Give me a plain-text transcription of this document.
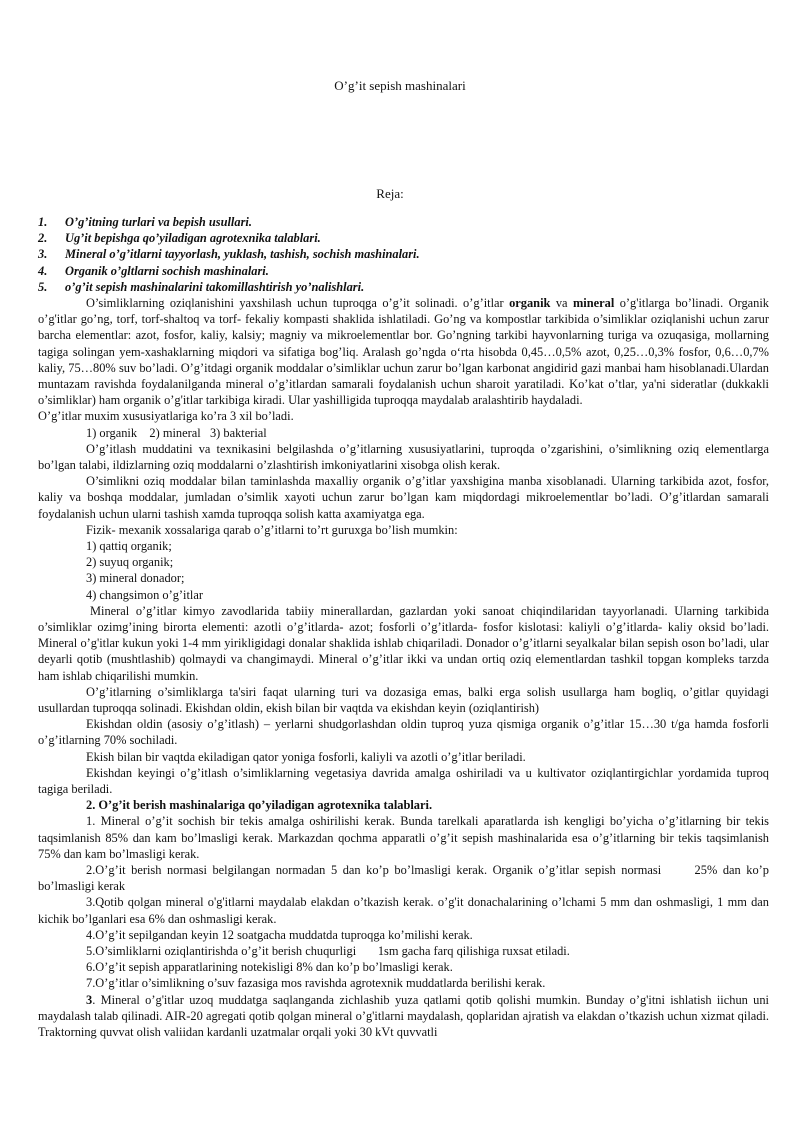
O’g’it sepish mashinalari
Reja:
1. O’g’itning turlari va bepish usullari.
2. Ug’it bepishga qo’yiladigan agrotexnika talablari.
3. Mineral o’g’itlarni tayyorlash, yuklash, tashish, sochish mashinalari.
4. Organik o’gltlarni sochish mashinalari.
5. o’g’it sepish mashinalarini takomillashtirish yo’nalishlari.

O’simliklarning oziqlanishini yaxshilash uchun tuproqga o’g’it solinadi. o’g’itlar organik va mineral o’g'itlarga bo’linadi. Organik o’g'itlar go’ng, torf, torf-shaltoq va torf- fekaliy kompasti shaklida ishlatiladi. Go’ng va kompostlar tarkibida o’simliklar oziqlanishi uchun zarur barcha elementlar: azot, fosfor, kaliy, kalsiy; magniy va mikroelementlar bor. Go’ngning tarkibi hayvonlarning turiga va ozuqasiga, mollarning tagiga solingan yem-xashaklarning miqdori va sifatiga bog’liq. Aralash go’ngda o‘rta hisobda 0,45…0,5% azot, 0,25…0,3% fosfor, 0,6…0,7% kaliy, 75…80% suv bo’ladi. O’g’itdagi organik moddalar o’simliklar uchun zarur bo’lgan karbonat angidirid gazi manbai ham hisoblanadi.Ulardan muntazam ravishda foydalanilganda mineral o’g’itlardan samarali foydalanish uchun sharoit yaratiladi. Ko’kat o’tlar, ya'ni sideratlar (dukkakli o’simliklar) ham organik o’g'itlar tarkibiga kiradi. Ular yashilligida tuproqqa maydalab aralashtirib haydaladi.

O’g’itlar muxim xususiyatlariga ko’ra 3 xil bo’ladi.

1) organik    2) mineral   3) bakterial

O’g’itlash muddatini va texnikasini belgilashda o’g’itlarning xususiyatlarini, tuproqda o’zgarishini, o’simlikning oziq elementlarga bo’lgan talabi, ildizlarning oziq moddalarni o’zlashtirish imkoniyatlarini xisobga olish kerak.

O’simlikni oziq moddalar bilan taminlashda maxalliy organik o’g’itlar yaxshigina manba xisoblanadi. Ularning tarkibida azot, fosfor, kaliy va boshqa moddalar, jumladan o’simlik xayoti uchun zarur bo’lgan kam miqdordagi mikroelementlar bo’ladi. O’g’itlardan samarali foydalanish uchun ularni tashish xamda tuproqqa solish katta axamiyatga ega.

Fizik- mexanik xossalariga qarab o’g’itlarni to’rt guruxga bo’lish mumkin:

1) qattiq organik;

2) suyuq organik;

3) mineral donador;

4) changsimon o’g’itlar

Mineral o’g’itlar kimyo zavodlarida tabiiy minerallardan, gazlardan yoki sanoat chiqindilaridan tayyorlanadi. Ularning tarkibida o’simliklar ozimg’ining birorta elementi: azotli o’g’itlarda- azot; fosforli o’g’itlarda- fosfor kislotasi: kaliyli o’g’itlarda- kaliy oksid bo’ladi. Mineral o’g'itlar kukun yoki 1-4 mm yirikligidagi donalar shaklida ishlab chiqariladi. Donador o’g’itlarni seyalkalar bilan sepish oson bo’ladi, ular deyarli qotib (mushtlashib) qolmaydi va changimaydi. Mineral o’g’itlar ikki va undan ortiq oziq elementlardan tashkil topgan kompleks tarzda ham ishlab chiqarilishi mumkin.

O’g’itlarning o’simliklarga ta'siri faqat ularning turi va dozasiga emas, balki erga solish usullarga ham bogliq, o’gitlar quyidagi usullardan tuproqqa solinadi. Ekishdan oldin, ekish bilan bir vaqtda va ekishdan keyin (oziqlantirish)

Ekishdan oldin (asosiy o’g’itlash) – yerlarni shudgorlashdan oldin tuproq yuza qismiga organik o’g’itlar 15…30 t/ga hamda fosforli o’g’itlarning 70% sochiladi.

Ekish bilan bir vaqtda ekiladigan qator yoniga fosforli, kaliyli va azotli o’g’itlar beriladi.

Ekishdan keyingi o’g’itlash o’simliklarning vegetasiya davrida amalga oshiriladi va u kultivator oziqlantirgichlar yordamida tuproq tagiga beriladi.

2. O’g’it berish mashinalariga qo’yiladigan agrotexnika talablari.

1. Mineral o’g’it sochish bir tekis amalga oshirilishi kerak. Bunda tarelkali aparatlarda ish kengligi bo’yicha o’g’itlarning bir tekis taqsimlanish 85% dan kam bo’lmasligi kerak. Markazdan qochma apparatli o’g’it sepish mashinalarida esa o’g’itlarning bir tekis taqsimlanish 75% dan kam bo’lmasligi kerak.

2.O’g’it berish normasi belgilangan normadan 5 dan ko’p bo’lmasligi kerak. Organik o’g’itlar sepish normasi      25% dan ko’p bo’lmasligi kerak

3.Qotib qolgan mineral o'g'itlarni maydalab elakdan o’tkazish kerak. o’g'it donachalarining o’lchami 5 mm dan oshmasligi, 1 mm dan kichik bo’lganlari esa 6% dan oshmasligi kerak.

4.O’g’it sepilgandan keyin 12 soatgacha muddatda tuproqga ko’milishi kerak.

5.O’simliklarni oziqlantirishda o’g’it berish chuqurligi       1sm gacha farq qilishiga ruxsat etiladi.

6.O’g’it sepish apparatlarining notekisligi 8% dan ko’p bo’lmasligi kerak.

7.O’g’itlar o’simlikning o’suv fazasiga mos ravishda agrotexnik muddatlarda berilishi kerak.

3. Mineral o’g'itlar uzoq muddatga saqlanganda zichlashib yuza qatlami qotib qolishi mumkin. Bunday o’g'itni ishlatish iichun uni maydalash talab qilinadi. AIR-20 agregati qotib qolgan mineral o’g'itlarni maydalash, qoplaridan ajratish va elakdan o’tkazish uchun xizmat qiladi. Traktorning quvvat olish valiidan kardanli uzatmalar orqali yoki 30 kVt quvvatli
